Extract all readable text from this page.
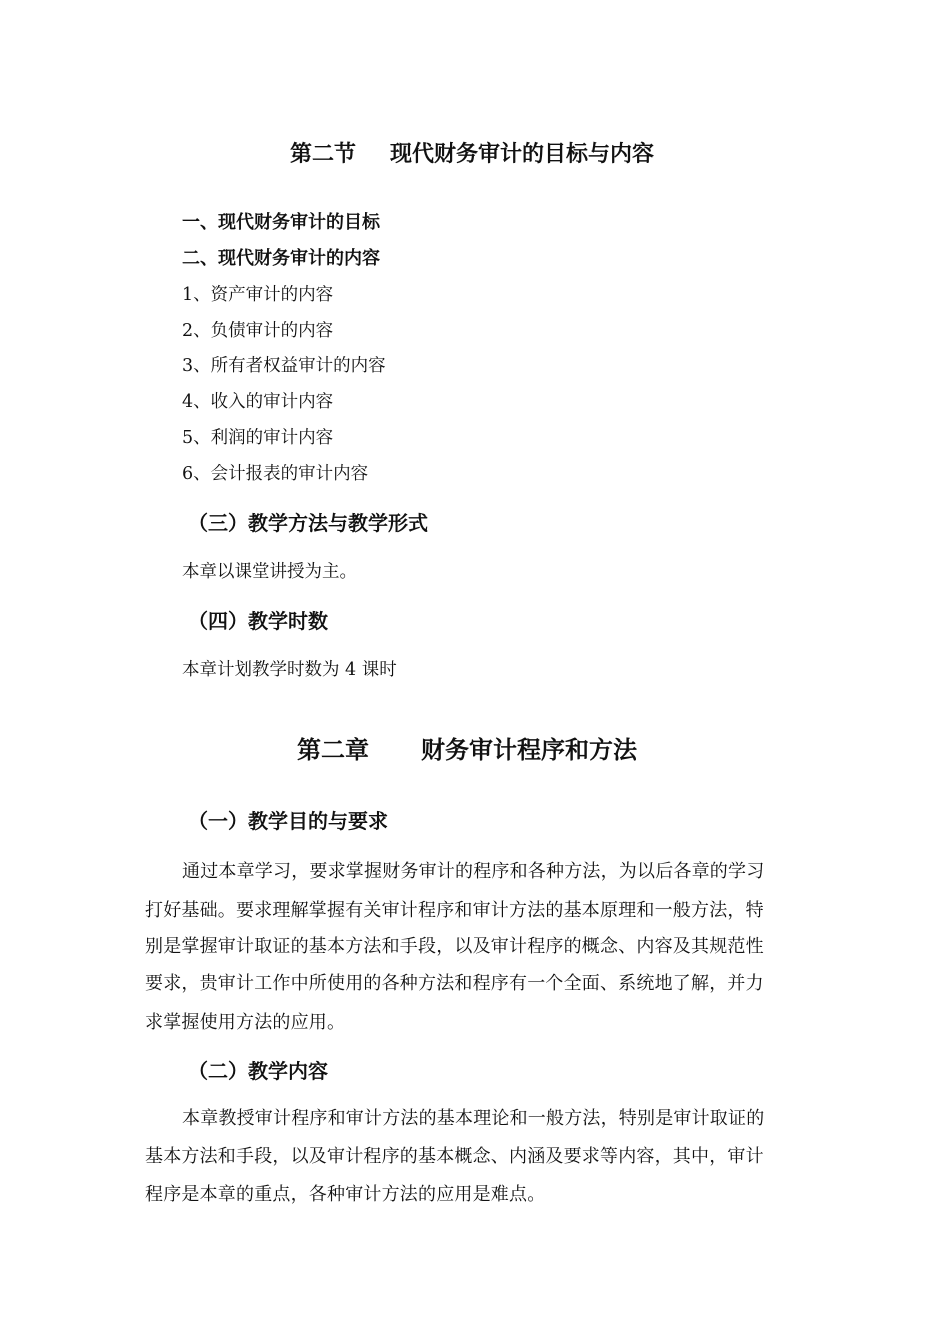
第二节 现代财务审计的目标与内容
一、现代财务审计的目标
二、现代财务审计的内容
1、资产审计的内容
2、负债审计的内容
3、所有者权益审计的内容
4、收入的审计内容
5、利润的审计内容
6、会计报表的审计内容
（三）教学方法与教学形式
本章以课堂讲授为主。
（四）教学时数
本章计划教学时数为 4 课时
第二章 财务审计程序和方法
（一）教学目的与要求
通过本章学习，要求掌握财务审计的程序和各种方法，为以后各章的学习
打好基础。要求理解掌握有关审计程序和审计方法的基本原理和一般方法，特
别是掌握审计取证的基本方法和手段，以及审计程序的概念、内容及其规范性
要求，贵审计工作中所使用的各种方法和程序有一个全面、系统地了解，并力
求掌握使用方法的应用。
（二）教学内容
本章教授审计程序和审计方法的基本理论和一般方法，特别是审计取证的
基本方法和手段，以及审计程序的基本概念、内涵及要求等内容，其中，审计
程序是本章的重点，各种审计方法的应用是难点。
